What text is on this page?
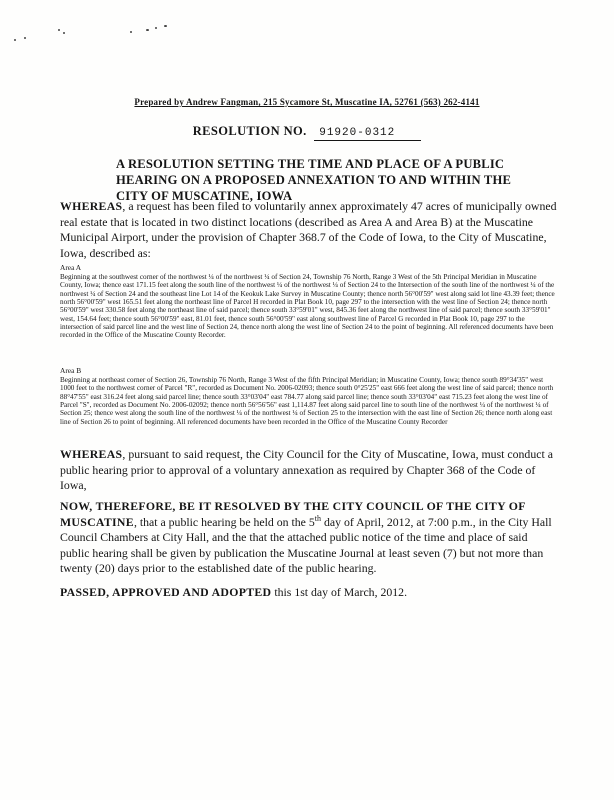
Prepared by Andrew Fangman, 215 Sycamore St, Muscatine IA, 52761 (563) 262-4141
RESOLUTION NO. 91920-0312
A RESOLUTION SETTING THE TIME AND PLACE OF A PUBLIC HEARING ON A PROPOSED ANNEXATION TO AND WITHIN THE CITY OF MUSCATINE, IOWA

WHEREAS, a request has been filed to voluntarily annex approximately 47 acres of municipally owned real estate that is located in two distinct locations (described as Area A and Area B) at the Muscatine Municipal Airport, under the provision of Chapter 368.7 of the Code of Iowa, to the City of Muscatine, Iowa, described as:

Area A

Beginning at the southwest corner of the northwest ¼ of the northwest ¼ of Section 24, Township 76 North, Range 3 West of the 5th Principal Meridian in Muscatine County, Iowa; thence east 171.15 feet along the south line of the northwest ¼ of the northwest ¼ of Section 24 to the Intersection of the south line of the northwest ¼ of the northwest ¼ of Section 24 and the southeast line Lot 14 of the Keokuk Lake Survey in Muscatine County; thence north 56°00'59" west along said lot line 43.39 feet; thence north 56°00'59" west 165.51 feet along the northeast line of Parcel H recorded in Plat Book 10, page 297 to the intersection with the west line of Section 24; thence north 56°00'59" west 330.58 feet along the northeast line of said parcel; thence south 33°59'01" west, 845.36 feet along the northwest line of said parcel; thence south 33°59'01" west, 154.64 feet; thence south 56°00'59" east, 81.01 feet, thence south 56°00'59" east along southwest line of Parcel G recorded in Plat Book 10, page 297 to the intersection of said parcel line and the west line of Section 24, thence north along the west line of Section 24 to the point of beginning. All referenced documents have been recorded in the Office of the Muscatine County Recorder.

Area B

Beginning at northeast corner of Section 26, Township 76 North, Range 3 West of the fifth Principal Meridian; in Muscatine County, Iowa; thence south 89°34'35" west 1000 feet to the northwest corner of Parcel "R", recorded as Document No. 2006-02093; thence south 0°25'25" east 666 feet along the west line of said parcel; thence north 88°47'55" east 316.24 feet along said parcel line; thence south 33°03'04" east 784.77 along said parcel line; thence south 33°03'04" east 715.23 feet along the west line of Parcel "S", recorded as Document No. 2006-02092; thence north 56°56'56" east 1,114.87 feet along said parcel line to south line of the northwest ¼ of the northwest ¼ of Section 25; thence west along the south line of the northwest ¼ of the northwest ¼ of Section 25 to the intersection with the east line of Section 26; thence north along east line of Section 26 to point of beginning. All referenced documents have been recorded in the Office of the Muscatine County Recorder

WHEREAS, pursuant to said request, the City Council for the City of Muscatine, Iowa, must conduct a public hearing prior to approval of a voluntary annexation as required by Chapter 368 of the Code of Iowa,

NOW, THEREFORE, BE IT RESOLVED BY THE CITY COUNCIL OF THE CITY OF MUSCATINE, that a public hearing be held on the 5th day of April, 2012, at 7:00 p.m., in the City Hall Council Chambers at City Hall, and the that the attached public notice of the time and place of said public hearing shall be given by publication the Muscatine Journal at least seven (7) but not more than twenty (20) days prior to the established date of the public hearing.

PASSED, APPROVED AND ADOPTED this 1st day of March, 2012.
